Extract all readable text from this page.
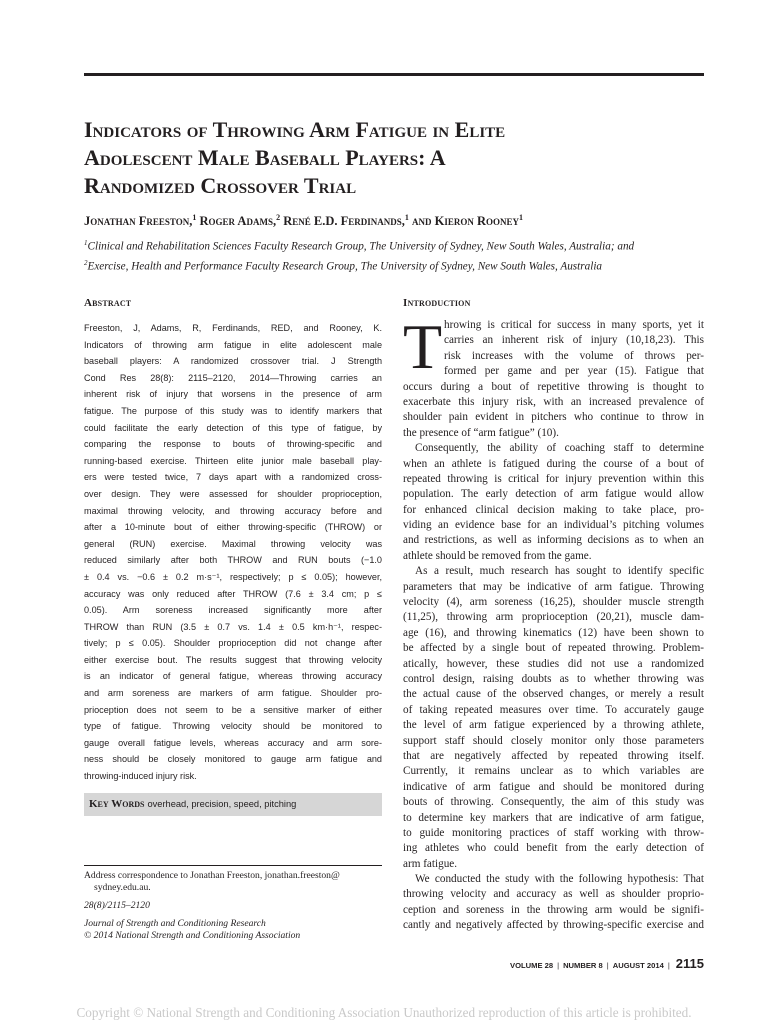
Indicators of Throwing Arm Fatigue in Elite
Adolescent Male Baseball Players: A
Randomized Crossover Trial
Jonathan Freeston,$^1$ Roger Adams,$^2$ René E.D. Ferdinands,$^1$ and Kieron Rooney$^1$
$^1$Clinical and Rehabilitation Sciences Faculty Research Group, The University of Sydney, New South Wales, Australia; and
$^2$Exercise, Health and Performance Faculty Research Group, The University of Sydney, New South Wales, Australia
Abstract
Freeston, J, Adams, R, Ferdinands, RED, and Rooney, K.
Indicators of throwing arm fatigue in elite adolescent male
baseball players: A randomized crossover trial. J Strength
Cond Res 28(8): 2115–2120, 2014—Throwing carries an
inherent risk of injury that worsens in the presence of arm
fatigue. The purpose of this study was to identify markers that
could facilitate the early detection of this type of fatigue, by
comparing the response to bouts of throwing-specific and
running-based exercise. Thirteen elite junior male baseball play-
ers were tested twice, 7 days apart with a randomized cross-
over design. They were assessed for shoulder proprioception,
maximal throwing velocity, and throwing accuracy before and
after a 10-minute bout of either throwing-specific (THROW) or
general (RUN) exercise. Maximal throwing velocity was
reduced similarly after both THROW and RUN bouts (−1.0
± 0.4 vs. −0.6 ± 0.2 m·s⁻¹, respectively; p ≤ 0.05); however,
accuracy was only reduced after THROW (7.6 ± 3.4 cm; p ≤
0.05). Arm soreness increased significantly more after
THROW than RUN (3.5 ± 0.7 vs. 1.4 ± 0.5 km·h⁻¹, respec-
tively; p ≤ 0.05). Shoulder proprioception did not change after
either exercise bout. The results suggest that throwing velocity
is an indicator of general fatigue, whereas throwing accuracy
and arm soreness are markers of arm fatigue. Shoulder pro-
prioception does not seem to be a sensitive marker of either
type of fatigue. Throwing velocity should be monitored to
gauge overall fatigue levels, whereas accuracy and arm sore-
ness should be closely monitored to gauge arm fatigue and
throwing-induced injury risk.
Key Words overhead, precision, speed, pitching
Address correspondence to Jonathan Freeston, jonathan.freeston@
sydney.edu.au.
28(8)/2115–2120
Journal of Strength and Conditioning Research
© 2014 National Strength and Conditioning Association
Introduction
T hrowing is critical for success in many sports, yet it
carries an inherent risk of injury (10,18,23). This
risk increases with the volume of throws per-
formed per game and per year (15). Fatigue that
occurs during a bout of repetitive throwing is thought to
exacerbate this injury risk, with an increased prevalence of
shoulder pain evident in pitchers who continue to throw in
the presence of “arm fatigue” (10).
Consequently, the ability of coaching staff to determine
when an athlete is fatigued during the course of a bout of
repeated throwing is critical for injury prevention within this
population. The early detection of arm fatigue would allow
for enhanced clinical decision making to take place, pro-
viding an evidence base for an individual’s pitching volumes
and restrictions, as well as informing decisions as to when an
athlete should be removed from the game.
As a result, much research has sought to identify specific
parameters that may be indicative of arm fatigue. Throwing
velocity (4), arm soreness (16,25), shoulder muscle strength
(11,25), throwing arm proprioception (20,21), muscle dam-
age (16), and throwing kinematics (12) have been shown to
be affected by a single bout of repeated throwing. Problem-
atically, however, these studies did not use a randomized
control design, raising doubts as to whether throwing was
the actual cause of the observed changes, or merely a result
of taking repeated measures over time. To accurately gauge
the level of arm fatigue experienced by a throwing athlete,
support staff should closely monitor only those parameters
that are negatively affected by repeated throwing itself.
Currently, it remains unclear as to which variables are
indicative of arm fatigue and should be monitored during
bouts of throwing. Consequently, the aim of this study was
to determine key markers that are indicative of arm fatigue,
to guide monitoring practices of staff working with throw-
ing athletes who could benefit from the early detection of
arm fatigue.
We conducted the study with the following hypothesis: That
throwing velocity and accuracy as well as shoulder proprio-
ception and soreness in the throwing arm would be signifi-
cantly and negatively affected by throwing-specific exercise and
VOLUME 28 | NUMBER 8 | AUGUST 2014 | 2115
Copyright © National Strength and Conditioning Association Unauthorized reproduction of this article is prohibited.
